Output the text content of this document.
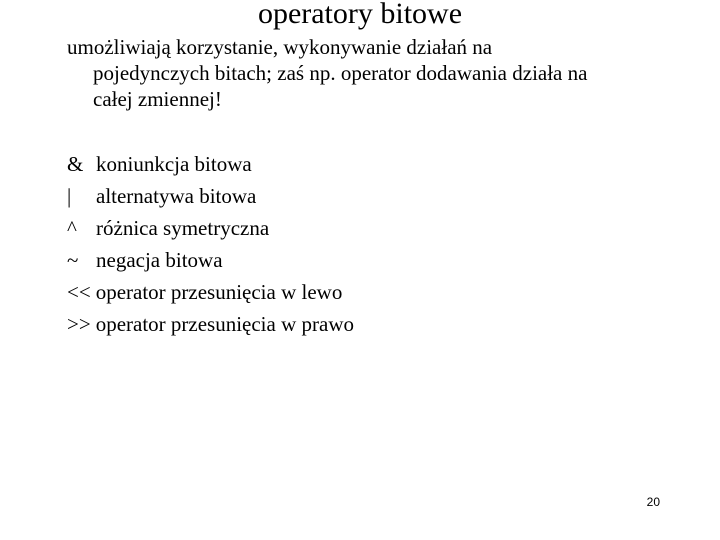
operatory bitowe
umożliwiają korzystanie, wykonywanie działań na
pojedynczych bitach; zaś np. operator dodawania działa na
całej zmiennej!
& koniunkcja bitowa
| alternatywa bitowa
^ różnica symetryczna
~ negacja bitowa
<< operator przesunięcia w lewo
>> operator przesunięcia w prawo
20
